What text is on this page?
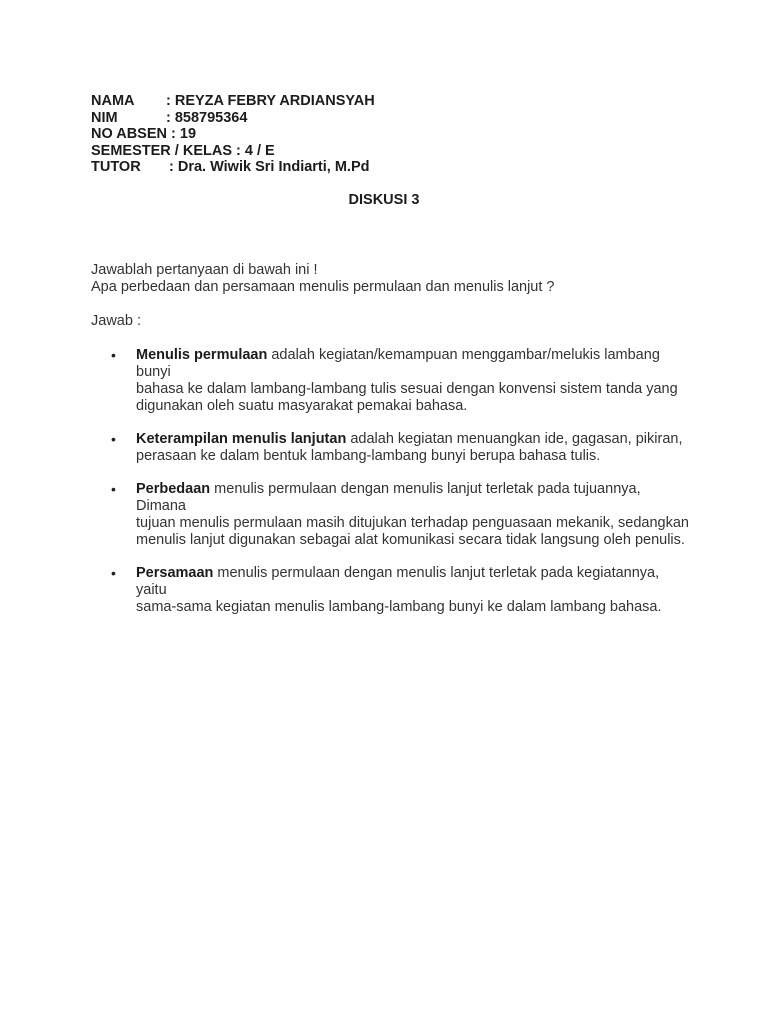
NAMA : REYZA FEBRY ARDIANSYAH
NIM	: 858795364
NO ABSEN : 19
SEMESTER / KELAS : 4 / E
TUTOR : Dra. Wiwik Sri Indiarti, M.Pd
DISKUSI 3
Jawablah pertanyaan di bawah ini !
Apa perbedaan dan persamaan menulis permulaan dan menulis lanjut ?
Jawab :
• Menulis permulaan adalah kegiatan/kemampuan menggambar/melukis lambang bunyi
bahasa ke dalam lambang-lambang tulis sesuai dengan konvensi sistem tanda yang
digunakan oleh suatu masyarakat pemakai bahasa.
• Keterampilan menulis lanjutan adalah kegiatan menuangkan ide, gagasan, pikiran,
perasaan ke dalam bentuk lambang-lambang bunyi berupa bahasa tulis.
• Perbedaan menulis permulaan dengan menulis lanjut terletak pada tujuannya, Dimana
tujuan menulis permulaan masih ditujukan terhadap penguasaan mekanik, sedangkan
menulis lanjut digunakan sebagai alat komunikasi secara tidak langsung oleh penulis.
• Persamaan menulis permulaan dengan menulis lanjut terletak pada kegiatannya, yaitu
sama-sama kegiatan menulis lambang-lambang bunyi ke dalam lambang bahasa.
